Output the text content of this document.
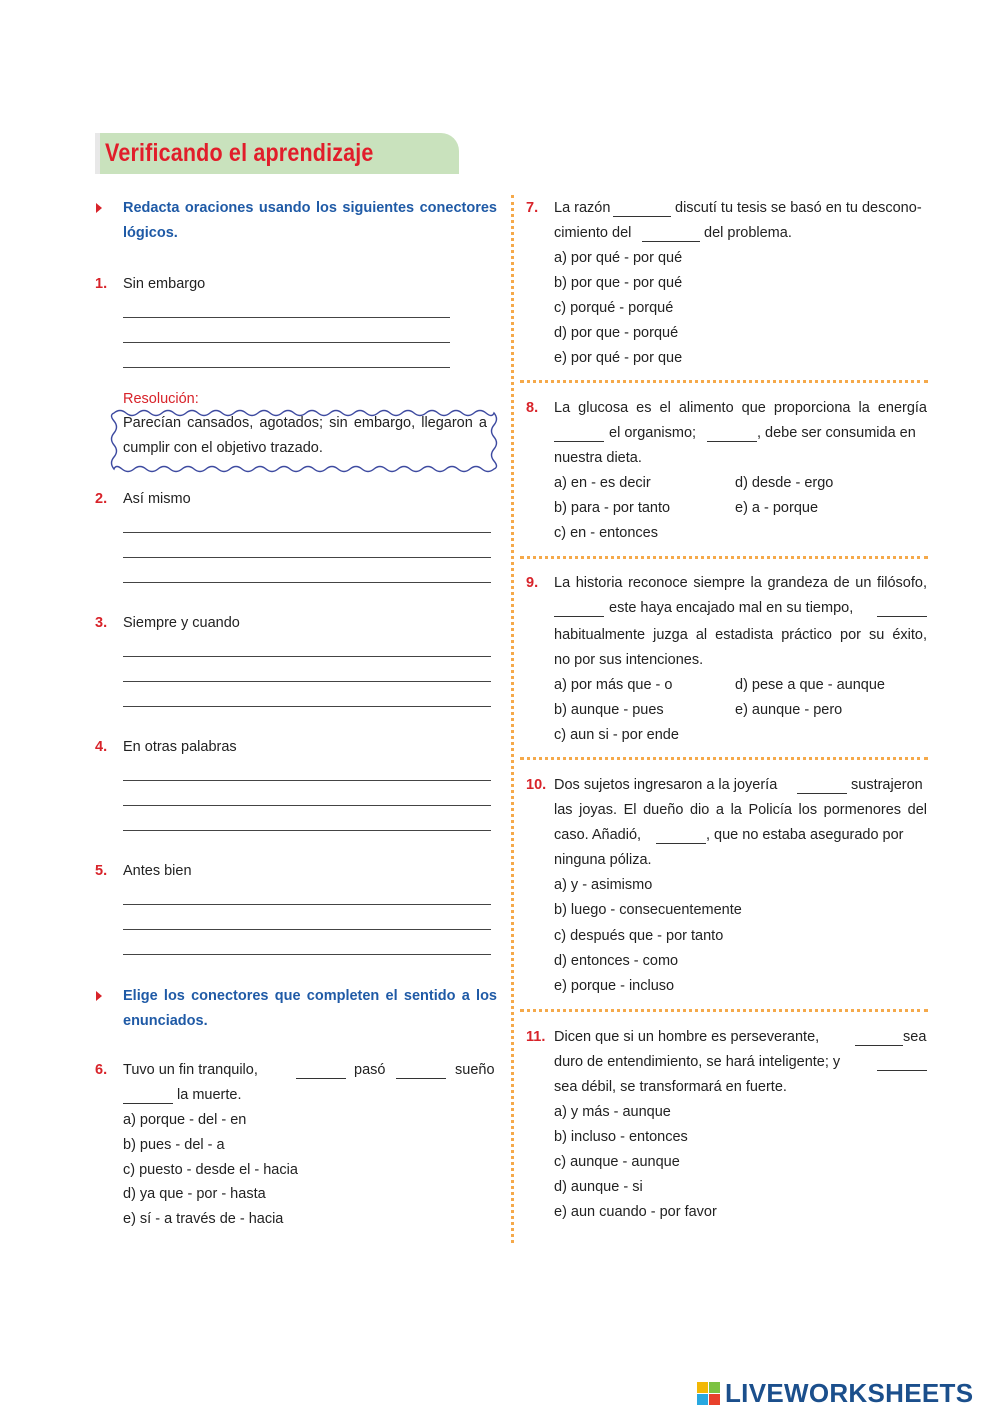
Verificando el aprendizaje
Redacta oraciones usando los siguientes conectores
lógicos.
1. Sin embargo
Resolución:
Parecían cansados, agotados; sin embargo, llegaron a
cumplir con el objetivo trazado.
2. Así mismo
3. Siempre y cuando
4. En otras palabras
5. Antes bien
Elige los conectores que completen el sentido a los
enunciados.
6. Tuvo un fin tranquilo,	pasó	sueño
la muerte.
a) porque - del - en
b) pues - del - a
c) puesto - desde el - hacia
d) ya que - por - hasta
e) sí - a través de - hacia
7. La razón	discutí tu tesis se basó en tu descono-
cimiento del	del problema.
a) por qué - por qué
b) por que - por qué
c) porqué - porqué
d) por que - porqué
e) por qué - por que
8. La glucosa es el alimento que proporciona la energía
el organismo;	, debe ser consumida en
nuestra dieta.
a) en - es decir
b) para - por tanto
c) en - entonces
d) desde - ergo
e) a - porque
9. La historia reconoce siempre la grandeza de un filósofo,
este haya encajado mal en su tiempo,
habitualmente juzga al estadista práctico por su éxito,
no por sus intenciones.
a) por más que - o
b) aunque - pues
c) aun si - por ende
d) pese a que - aunque
e) aunque - pero
10. Dos sujetos ingresaron a la joyería	sustrajeron
las joyas. El dueño dio a la Policía los pormenores del
caso. Añadió,	, que no estaba asegurado por
ninguna póliza.
a) y - asimismo
b) luego - consecuentemente
c) después que - por tanto
d) entonces - como
e) porque - incluso
11. Dicen que si un hombre es perseverante,	sea
duro de entendimiento, se hará inteligente; y
sea débil, se transformará en fuerte.
a) y más - aunque
b) incluso - entonces
c) aunque - aunque
d) aunque - si
e) aun cuando - por favor
LIVEWORKSHEETS
